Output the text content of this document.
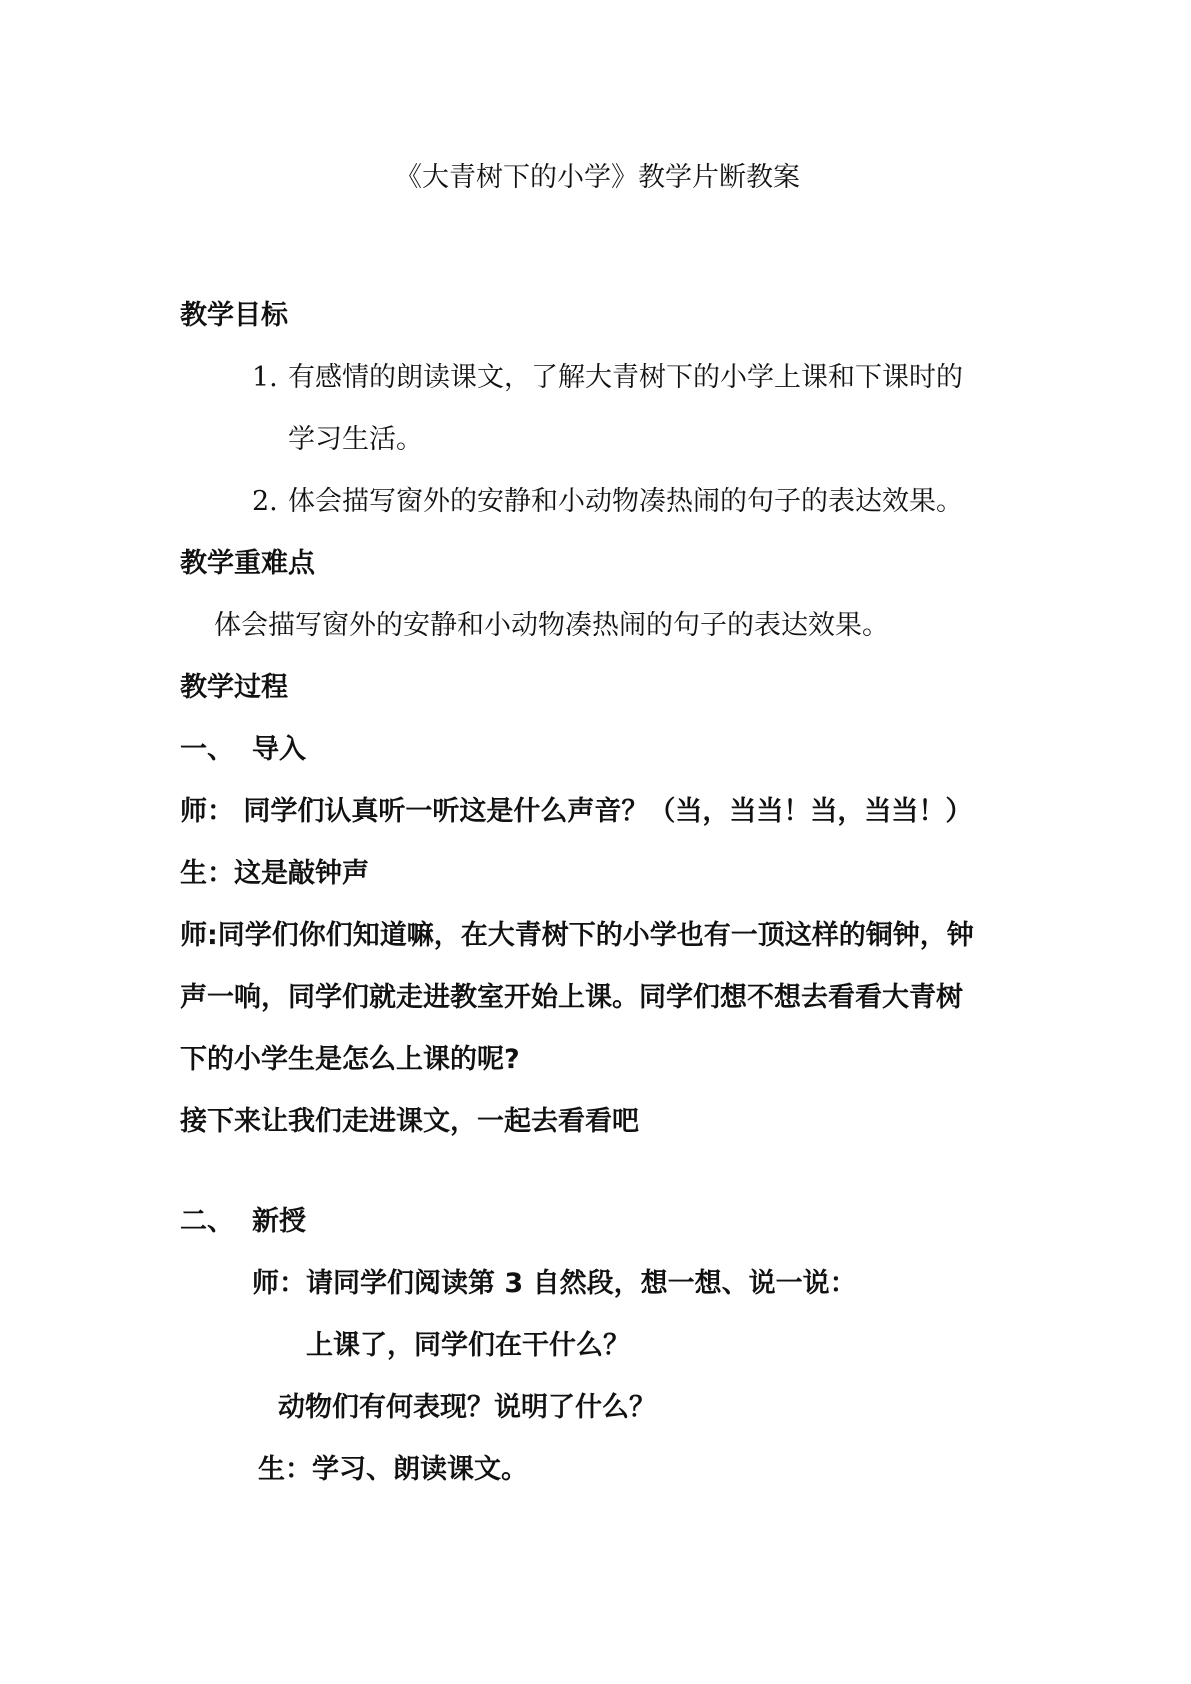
《大青树下的小学》教学片断教案
教学目标
1. 有感情的朗读课文，了解大青树下的小学上课和下课时的
学习生活。
2. 体会描写窗外的安静和小动物凑热闹的句子的表达效果。
教学重难点
体会描写窗外的安静和小动物凑热闹的句子的表达效果。
教学过程
一、 导入
师： 同学们认真听一听这是什么声音？（当，当当！当，当当！）
生：这是敲钟声
师:同学们你们知道嘛，在大青树下的小学也有一顶这样的铜钟，钟
声一响，同学们就走进教室开始上课。同学们想不想去看看大青树
下的小学生是怎么上课的呢?
接下来让我们走进课文，一起去看看吧
二、 新授
师：请同学们阅读第 3 自然段，想一想、说一说：
上课了，同学们在干什么？
动物们有何表现？说明了什么？
生：学习、朗读课文。
